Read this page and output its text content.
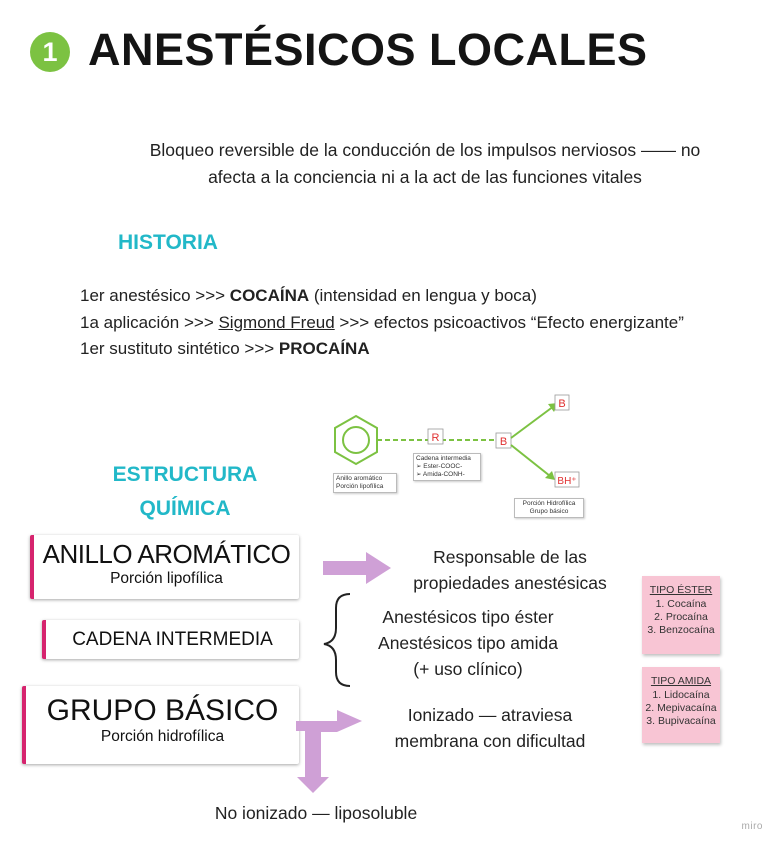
1 ANESTÉSICOS LOCALES
Bloqueo reversible de la conducción de los impulsos nerviosos —— no
afecta a la conciencia ni a la act de las funciones vitales
HISTORIA
1er anestésico >>> COCAÍNA (intensidad en lengua y boca)
1a aplicación >>> Sigmond Freud >>> efectos psicoactivos “Efecto energizante”
1er sustituto sintético >>> PROCAÍNA
R	B
B
BH⁺
Anillo aromático
Porción lipofílica
Cadena intermedia
➢ Ester-COOC-
➢ Amida-CONH-
Porción Hidrofílica
Grupo básico
ESTRUCTURA
QUÍMICA
ANILLO AROMÁTICO
Porción lipofílica
CADENA INTERMEDIA
GRUPO BÁSICO
Porción hidrofílica
Responsable de las
propiedades anestésicas
Anestésicos tipo éster
Anestésicos tipo amida
(+ uso clínico)
Ionizado — atraviesa
membrana con dificultad
No ionizado — liposoluble
TIPO ÉSTER
1. Cocaína
2. Procaína
3. Benzocaína
TIPO AMIDA
1. Lidocaína
2. Mepivacaína
3. Bupivacaína
miro
